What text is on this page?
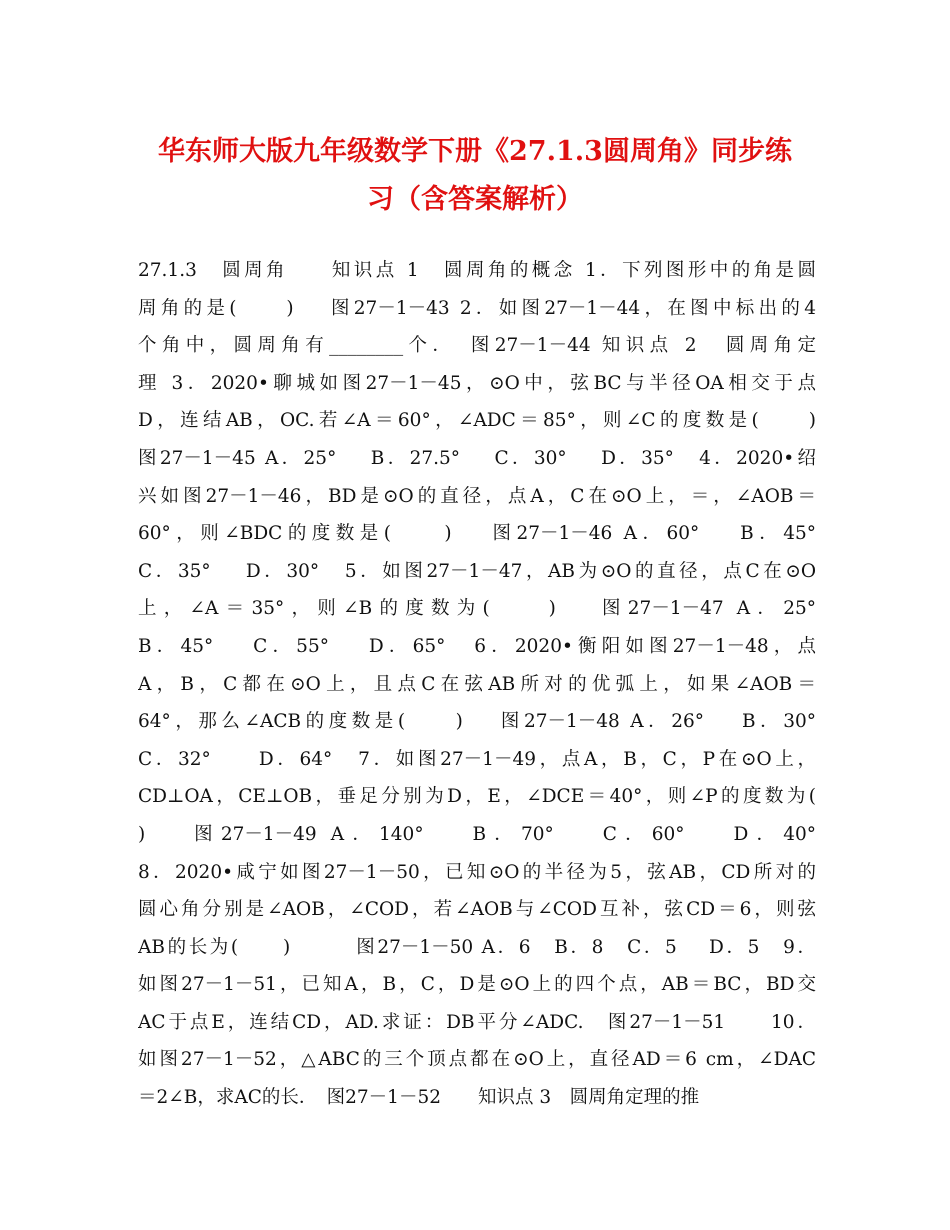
华东师大版九年级数学下册《27.1.3圆周角》同步练
习（含答案解析）
27.1.3　圆周角　　知识点 1　圆周角的概念 1．下列图形中的角是圆
周角的是(　　)　 图27－1－43 2．如图27－1－44，在图中标出的4
个角中，圆周角有________个．　图27－1－44 知识点 2　圆周角定
理 3．2020•聊城如图27－1－45，⊙O中，弦BC与半径OA相交于点
D，连结AB，OC.若∠A＝60°，∠ADC＝85°，则∠C的度数是(　　)
图27－1－45 A．25°　 B．27.5°　 C．30°　 D．35°　4．2020•绍
兴如图27－1－46，BD是⊙O的直径，点A，C在⊙O上，＝，∠AOB＝
60°，则∠BDC的度数是(　　)　 图27－1－46 A．60°　 B．45°
C．35°　 D．30°　5．如图27－1－47，AB为⊙O的直径，点C在⊙O
上，∠A＝35°，则∠B的度数为(　　)　 图27－1－47 A．25°
B．45°　 C．55°　 D．65°　6．2020•衡阳如图27－1－48，点
A，B，C都在⊙O上，且点C在弦AB所对的优弧上，如果∠AOB＝
64°，那么∠ACB的度数是(　　)　 图27－1－48 A．26°　 B．30°
C．32°　　D．64°　7．如图27－1－49，点A，B，C，P在⊙O上，
CD⊥OA，CE⊥OB，垂足分别为D，E，∠DCE＝40°，则∠P的度数为(
)　 图27－1－49 A．140°　 B．70°　 C．60°　 D．40°
8．2020•咸宁如图27－1－50，已知⊙O的半径为5，弦AB，CD所对的
圆心角分别是∠AOB，∠COD，若∠AOB与∠COD互补，弦CD＝6，则弦
AB的长为(　　)　　　图27－1－50 A．6　B．8　C．5　 D．5　9．
如图27－1－51，已知A，B，C，D是⊙O上的四个点，AB＝BC，BD交
AC于点E，连结CD，AD.求证：DB平分∠ADC.　图27－1－51　　10．
如图27－1－52，△ABC的三个顶点都在⊙O上，直径AD＝6 cm，∠DAC
＝2∠B，求AC的长．　图27－1－52　　知识点 3　圆周角定理的推
